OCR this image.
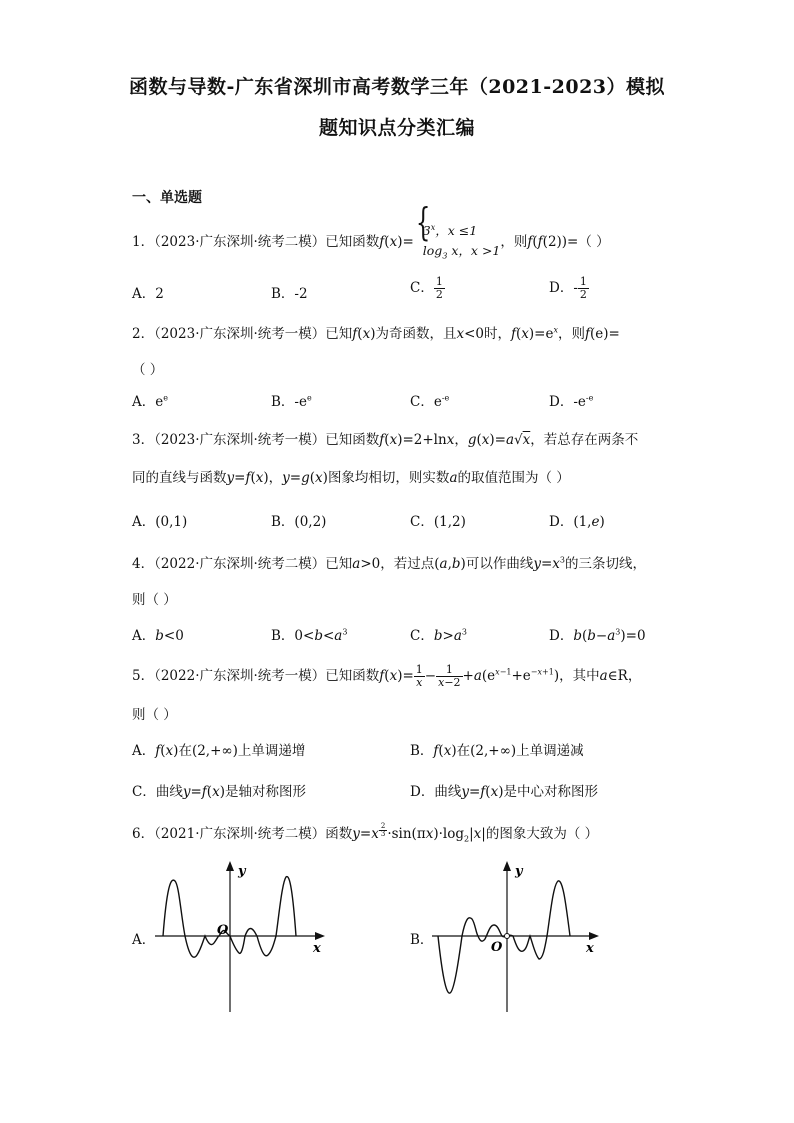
函数与导数-广东省深圳市高考数学三年（2021-2023）模拟
题知识点分类汇编
一、单选题
1．（2023·广东深圳·统考二模）已知函数f(x)={ 3$^x$，x ≤1
$\log_3 x$，x >1，则f(f(2))=（ ）
A．2	B．-2	C． $\frac{1}{2}$	D．- $\frac{1}{2}$
2．（2023·广东深圳·统考一模）已知f(x)为奇函数，且x<0时，$f(x)=e^x$，则f(e)=
（ ）
A．$e^e$	B．$-e^e$	C．$e^{-e}$	D．$-e^{-e}$
3．（2023·广东深圳·统考一模）已知函数f(x)=2+lnx，g(x)=a√x，若总存在两条不
同的直线与函数y=f(x)，y=g(x)图象均相切，则实数a的取值范围为（ ）
A．(0,1)	B．(0,2)	C．(1,2)	D．(1,e)
4．（2022·广东深圳·统考二模）已知a>0，若过点(a,b)可以作曲线$y=x^3$的三条切线，
则（ ）
A．b<0	B．$0<b<a^3$	C．$b>a^3$	D．$b(b-a^3)=0$
5．（2022·广东深圳·统考一模）已知函数$f(x)= \frac{1}{x} - \frac{1}{x-2} +a(e^{x-1}+e^{-x+1})$，其中a∈R，
则（ ）
A．f(x)在(2,+∞)上单调递增	B．f(x)在(2,+∞)上单调递减
C．曲线y=f(x)是轴对称图形	D．曲线y=f(x)是中心对称图形
6．（2021·广东深圳·统考二模）函数y=x $^{\frac{2}{3}} \cdot\sin(\pi x)\cdot\log_2|x|$的图象大致为（ ）
A．
y
x
O
B．
y
x
O
